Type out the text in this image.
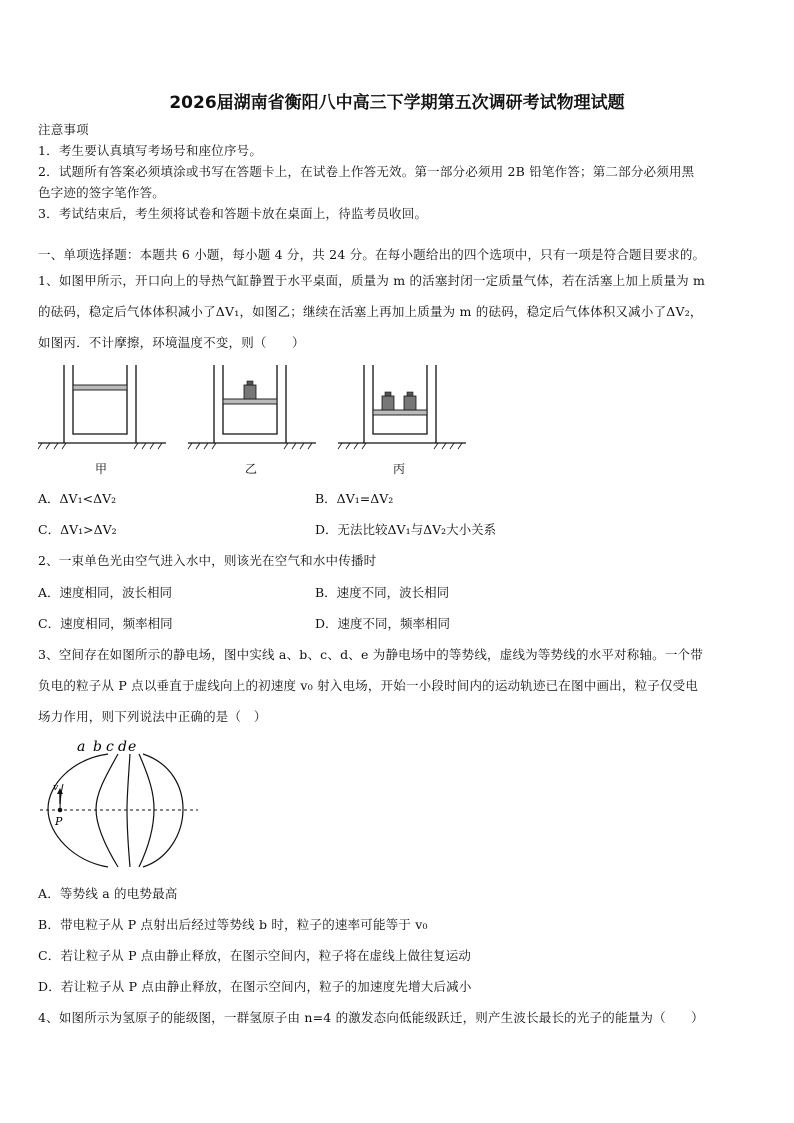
2026届湖南省衡阳八中高三下学期第五次调研考试物理试题
注意事项
1．考生要认真填写考场号和座位序号。
2．试题所有答案必须填涂或书写在答题卡上，在试卷上作答无效。第一部分必须用 2B 铅笔作答；第二部分必须用黑
色字迹的签字笔作答。
3．考试结束后，考生须将试卷和答题卡放在桌面上，待监考员收回。
一、单项选择题：本题共 6 小题，每小题 4 分，共 24 分。在每小题给出的四个选项中，只有一项是符合题目要求的。
1、如图甲所示，开口向上的导热气缸静置于水平桌面，质量为 m 的活塞封闭一定质量气体，若在活塞上加上质量为 m
的砝码，稳定后气体体积减小了ΔV₁，如图乙；继续在活塞上再加上质量为 m 的砝码，稳定后气体体积又减小了ΔV₂，
如图丙．不计摩擦，环境温度不变，则（　　）
甲	乙	丙
A．ΔV₁<ΔV₂	B．ΔV₁=ΔV₂
C．ΔV₁>ΔV₂	D．无法比较ΔV₁与ΔV₂大小关系
2、一束单色光由空气进入水中，则该光在空气和水中传播时
A．速度相同，波长相同	B．速度不同，波长相同
C．速度相同，频率相同	D．速度不同，频率相同
3、空间存在如图所示的静电场，图中实线 a、b、c、d、e 为静电场中的等势线，虚线为等势线的水平对称轴。一个带
负电的粒子从 P 点以垂直于虚线向上的初速度 v₀ 射入电场，开始一小段时间内的运动轨迹已在图中画出，粒子仅受电
场力作用，则下列说法中正确的是（　）
a b c d e
v
P
A．等势线 a 的电势最高
B．带电粒子从 P 点射出后经过等势线 b 时，粒子的速率可能等于 v₀
C．若让粒子从 P 点由静止释放，在图示空间内，粒子将在虚线上做往复运动
D．若让粒子从 P 点由静止释放，在图示空间内，粒子的加速度先增大后减小
4、如图所示为氢原子的能级图，一群氢原子由 n=4 的激发态向低能级跃迁，则产生波长最长的光子的能量为（　　）
